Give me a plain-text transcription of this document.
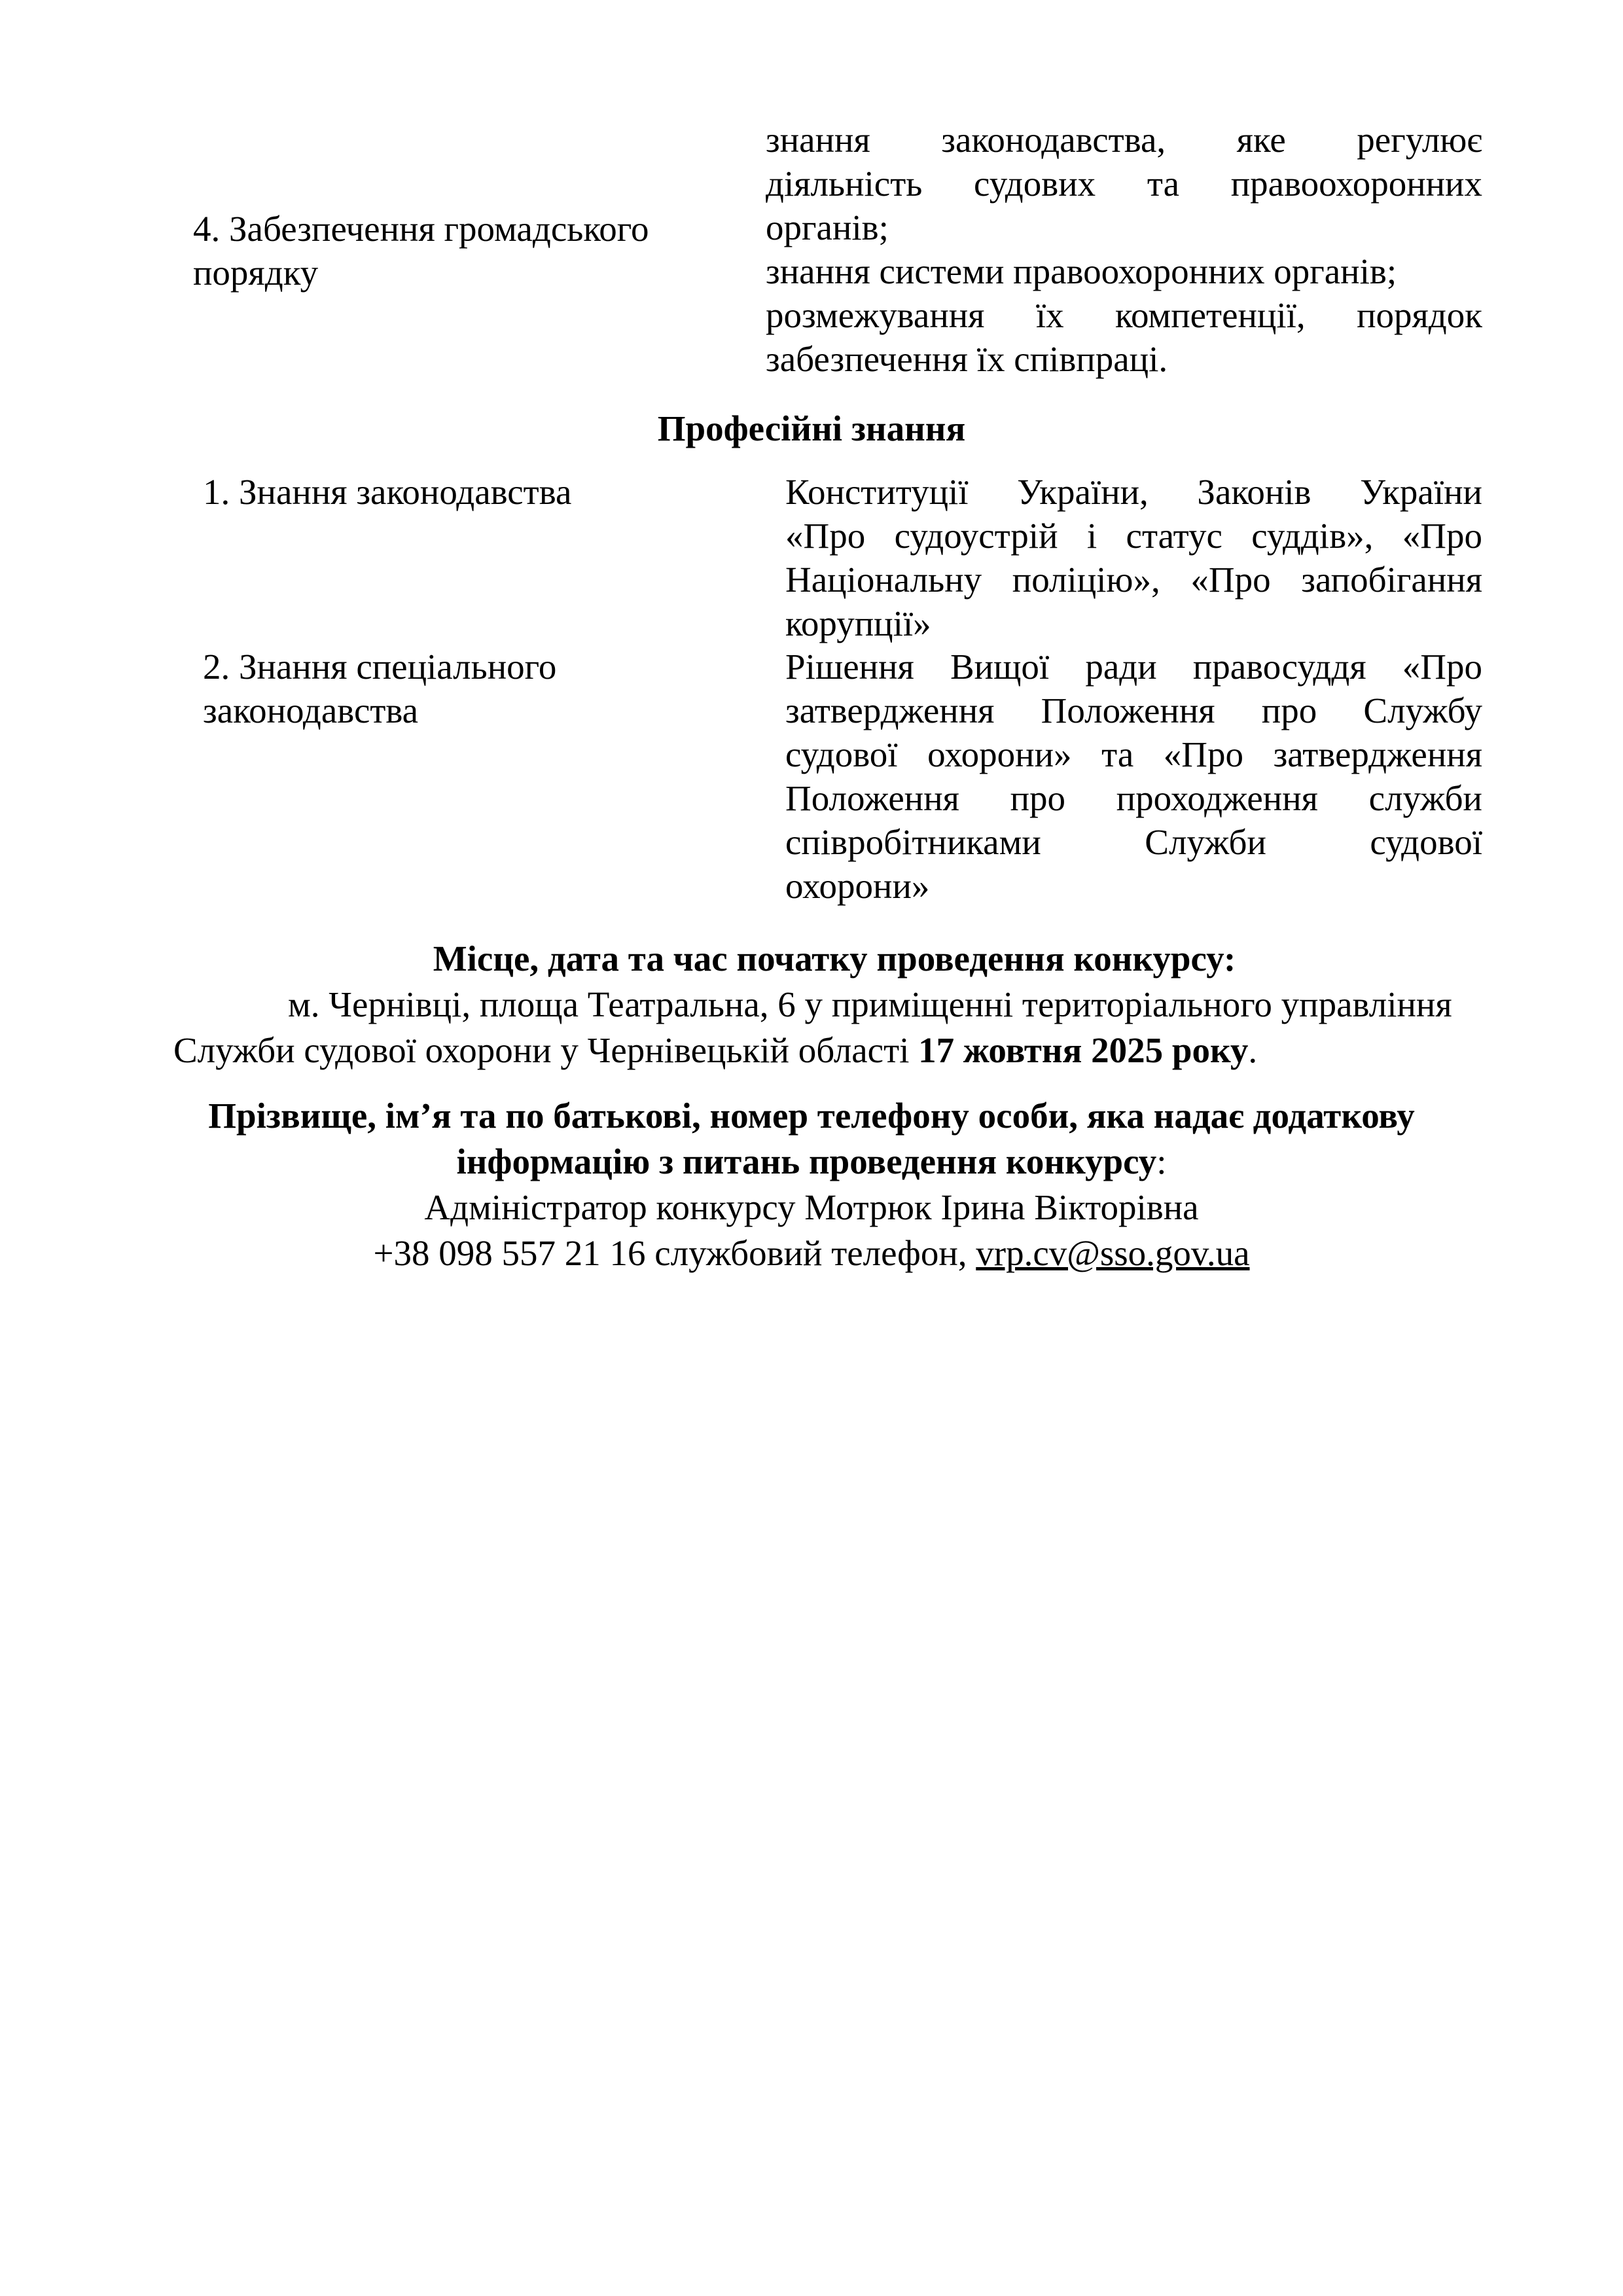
4. Забезпечення громадського
порядку
знання законодавства, яке регулює
діяльність судових та правоохоронних
органів;
знання системи правоохоронних органів;
розмежування їх компетенції, порядок
забезпечення їх співпраці.
Професійні знання
1. Знання законодавства	Конституції України, Законів України
«Про судоустрій і статус суддів», «Про
Національну поліцію», «Про запобігання
корупції»
2. Знання спеціального
законодавства
Рішення Вищої ради правосуддя «Про
затвердження Положення про Службу
судової охорони» та «Про затвердження
Положення про проходження служби
співробітниками Служби судової
охорони»
Місце, дата та час початку проведення конкурсу:
м. Чернівці, площа Театральна, 6 у приміщенні територіального управління
Служби судової охорони у Чернівецькій області 17 жовтня 2025 року.
Прізвище, ім’я та по батькові, номер телефону особи, яка надає додаткову
інформацію з питань проведення конкурсу:
Адміністратор конкурсу Мотрюк Ірина Вікторівна
+38 098 557 21 16 службовий телефон, vrp.cv@sso.gov.ua
